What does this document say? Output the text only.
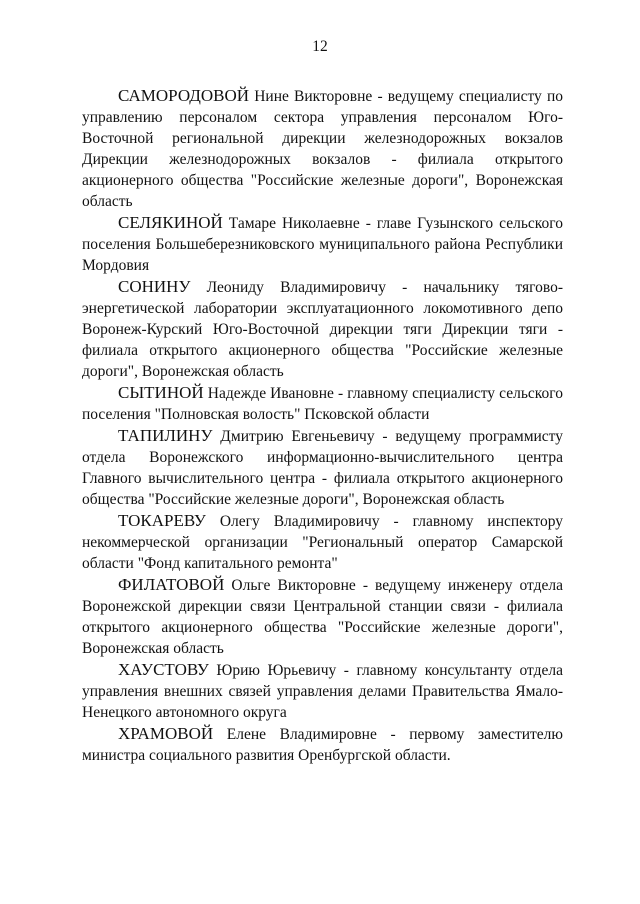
12

САМОРОДОВОЙ Нине Викторовне - ведущему специалисту по управлению персоналом сектора управления персоналом Юго-Восточной региональной дирекции железнодорожных вокзалов Дирекции железнодорожных вокзалов - филиала открытого акционерного общества "Российские железные дороги", Воронежская область

СЕЛЯКИНОЙ Тамаре Николаевне - главе Гузынского сельского поселения Большеберезниковского муниципального района Республики Мордовия

СОНИНУ Леониду Владимировичу - начальнику тягово-энергетической лаборатории эксплуатационного локомотивного депо Воронеж-Курский Юго-Восточной дирекции тяги Дирекции тяги - филиала открытого акционерного общества "Российские железные дороги", Воронежская область

СЫТИНОЙ Надежде Ивановне - главному специалисту сельского поселения "Полновская волость" Псковской области

ТАПИЛИНУ Дмитрию Евгеньевичу - ведущему программисту отдела Воронежского информационно-вычислительного центра Главного вычислительного центра - филиала открытого акционерного общества "Российские железные дороги", Воронежская область

ТОКАРЕВУ Олегу Владимировичу - главному инспектору некоммерческой организации "Региональный оператор Самарской области "Фонд капитального ремонта"

ФИЛАТОВОЙ Ольге Викторовне - ведущему инженеру отдела Воронежской дирекции связи Центральной станции связи - филиала открытого акционерного общества "Российские железные дороги", Воронежская область

ХАУСТОВУ Юрию Юрьевичу - главному консультанту отдела управления внешних связей управления делами Правительства Ямало-Ненецкого автономного округа

ХРАМОВОЙ Елене Владимировне - первому заместителю министра социального развития Оренбургской области.
